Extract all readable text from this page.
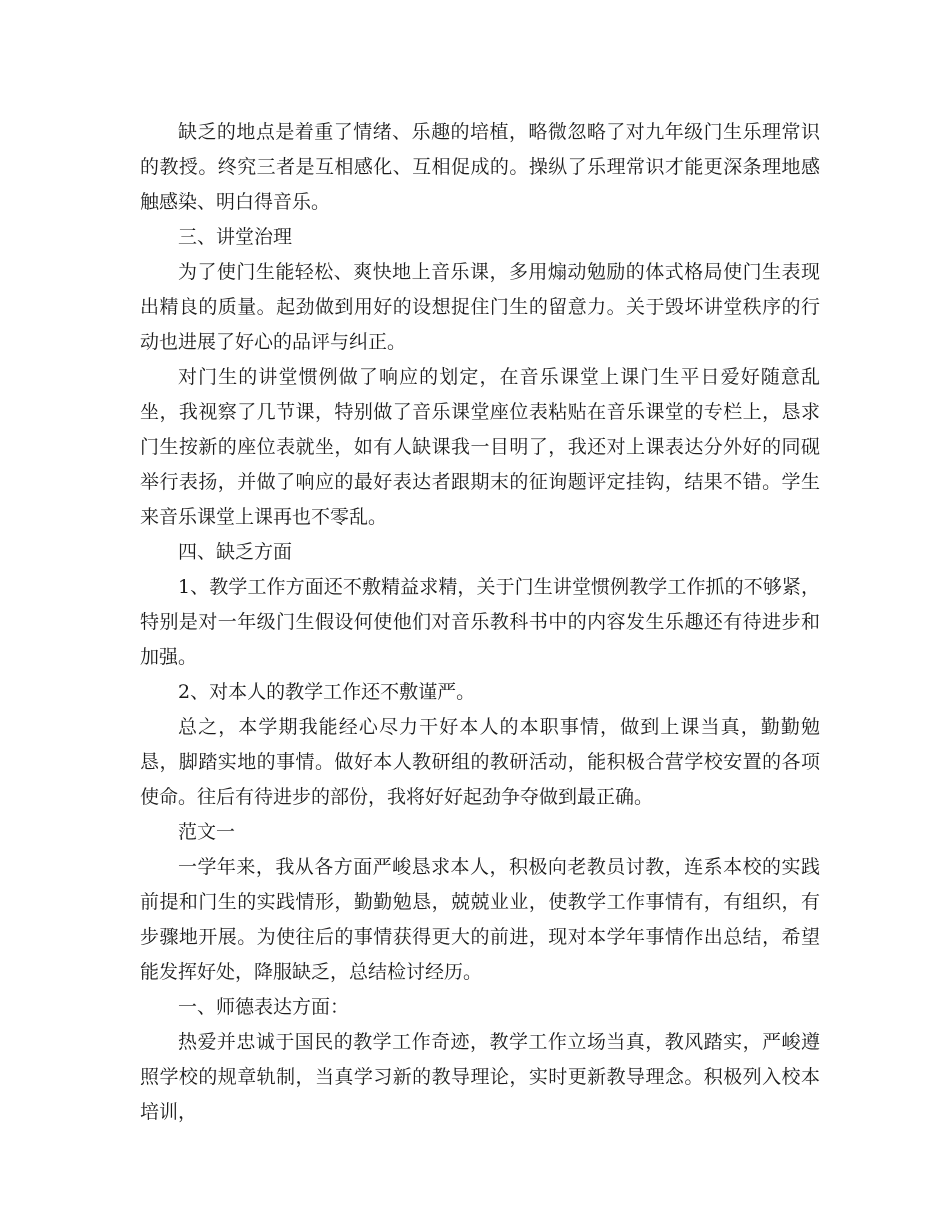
缺乏的地点是着重了情绪、乐趣的培植，略微忽略了对九年级门生乐理常识的教授。终究三者是互相感化、互相促成的。操纵了乐理常识才能更深条理地感触感染、明白得音乐。

三、讲堂治理

为了使门生能轻松、爽快地上音乐课，多用煽动勉励的体式格局使门生表现出精良的质量。起劲做到用好的设想捉住门生的留意力。关于毁坏讲堂秩序的行动也进展了好心的品评与纠正。

对门生的讲堂惯例做了响应的划定，在音乐课堂上课门生平日爱好随意乱坐，我视察了几节课，特别做了音乐课堂座位表粘贴在音乐课堂的专栏上，恳求门生按新的座位表就坐，如有人缺课我一目明了，我还对上课表达分外好的同砚举行表扬，并做了响应的最好表达者跟期末的征询题评定挂钩，结果不错。学生来音乐课堂上课再也不零乱。

四、缺乏方面

1、教学工作方面还不敷精益求精，关于门生讲堂惯例教学工作抓的不够紧，特别是对一年级门生假设何使他们对音乐教科书中的内容发生乐趣还有待进步和加强。

2、对本人的教学工作还不敷谨严。

总之，本学期我能经心尽力干好本人的本职事情，做到上课当真，勤勤勉恳，脚踏实地的事情。做好本人教研组的教研活动，能积极合营学校安置的各项使命。往后有待进步的部份，我将好好起劲争夺做到最正确。

范文一

一学年来，我从各方面严峻恳求本人，积极向老教员讨教，连系本校的实践前提和门生的实践情形，勤勤勉恳，兢兢业业，使教学工作事情有，有组织，有步骤地开展。为使往后的事情获得更大的前进，现对本学年事情作出总结，希望能发挥好处，降服缺乏，总结检讨经历。

一、师德表达方面：

热爱并忠诚于国民的教学工作奇迹，教学工作立场当真，教风踏实，严峻遵照学校的规章轨制，当真学习新的教导理论，实时更新教导理念。积极列入校本培训，
